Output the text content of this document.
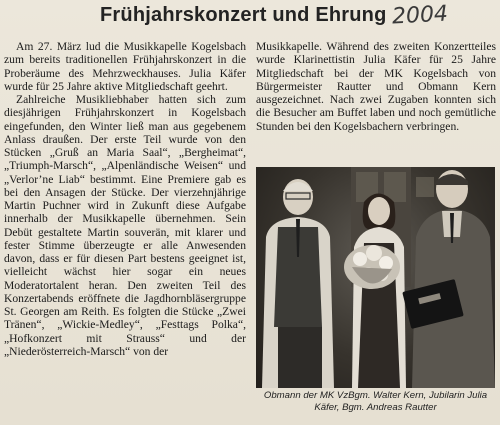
Frühjahrskonzert und Ehrung 2004

Am 27. März lud die Musikkapelle Kogelsbach zum bereits traditionellen Frühjahrskonzert in die Proberäume des Mehrzweckhauses. Julia Käfer wurde für 25 Jahre aktive Mitgliedschaft geehrt.

Zahlreiche Musikliebhaber hatten sich zum diesjährigen Frühjahrskonzert in Kogelsbach eingefunden, den Winter ließ man aus gegebenem Anlass draußen. Der erste Teil wurde von den Stücken „Gruß an Maria Saal“, „Bergheimat“, „Triumph-Marsch“, „Alpenländische Weisen“ und „Verlor’ne Liab“ bestimmt. Eine Premiere gab es bei den Ansagen der Stücke. Der vierzehnjährige Martin Puchner wird in Zukunft diese Aufgabe innerhalb der Musikkapelle übernehmen. Sein Debüt gestaltete Martin souverän, mit klarer und fester Stimme überzeugte er alle Anwesenden davon, dass er für diesen Part bestens geeignet ist, vielleicht wächst hier sogar ein neues Moderatortalent heran. Den zweiten Teil des Konzertabends eröffnete die Jagdhornbläsergruppe St. Georgen am Reith. Es folgten die Stücke „Zwei Tränen“, „Wickie-Medley“, „Festtags Polka“, „Hofkonzert mit Strauss“ und der „Niederösterreich-Marsch“ von der

Musikkapelle. Während des zweiten Konzertteiles wurde Klarinettistin Julia Käfer für 25 Jahre Mitgliedschaft bei der MK Kogelsbach von Bürgermeister Rautter und Obmann Kern ausgezeichnet. Nach zwei Zugaben konnten sich die Besucher am Buffet laben und noch gemütliche Stunden bei den Kogelsbachern verbringen.

Obmann der MK VzBgm. Walter Kern, Jubilarin Julia Käfer, Bgm. Andreas Rautter
